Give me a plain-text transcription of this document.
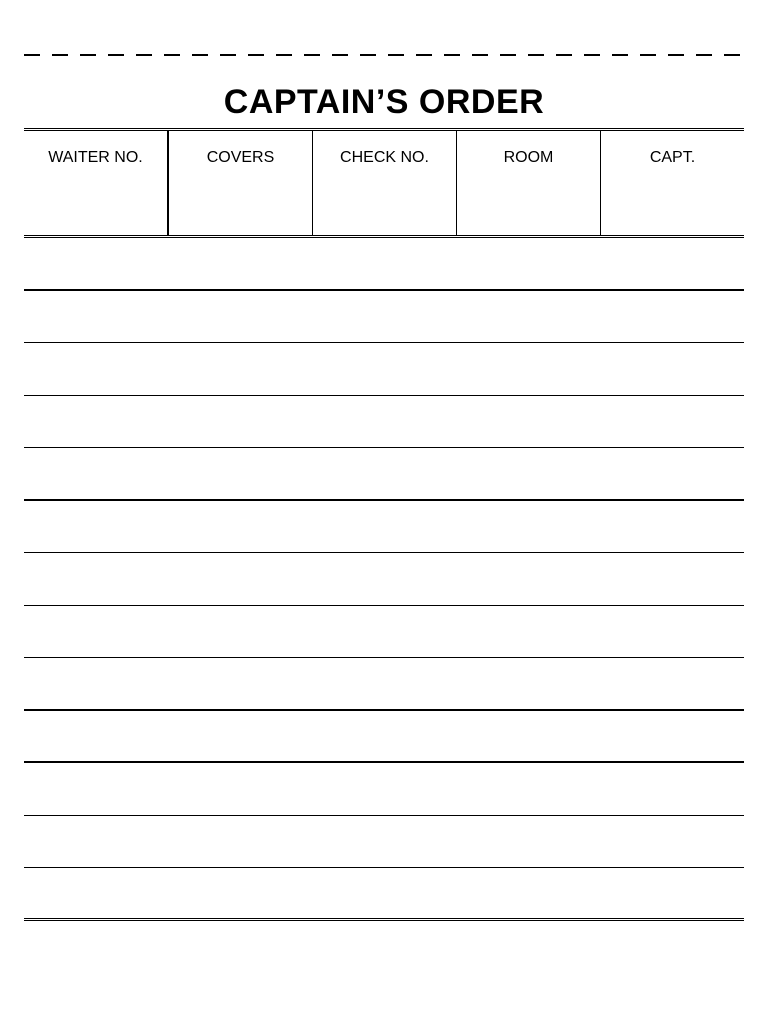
CAPTAIN’S ORDER
WAITER NO.	COVERS	CHECK NO.	ROOM	CAPT.
